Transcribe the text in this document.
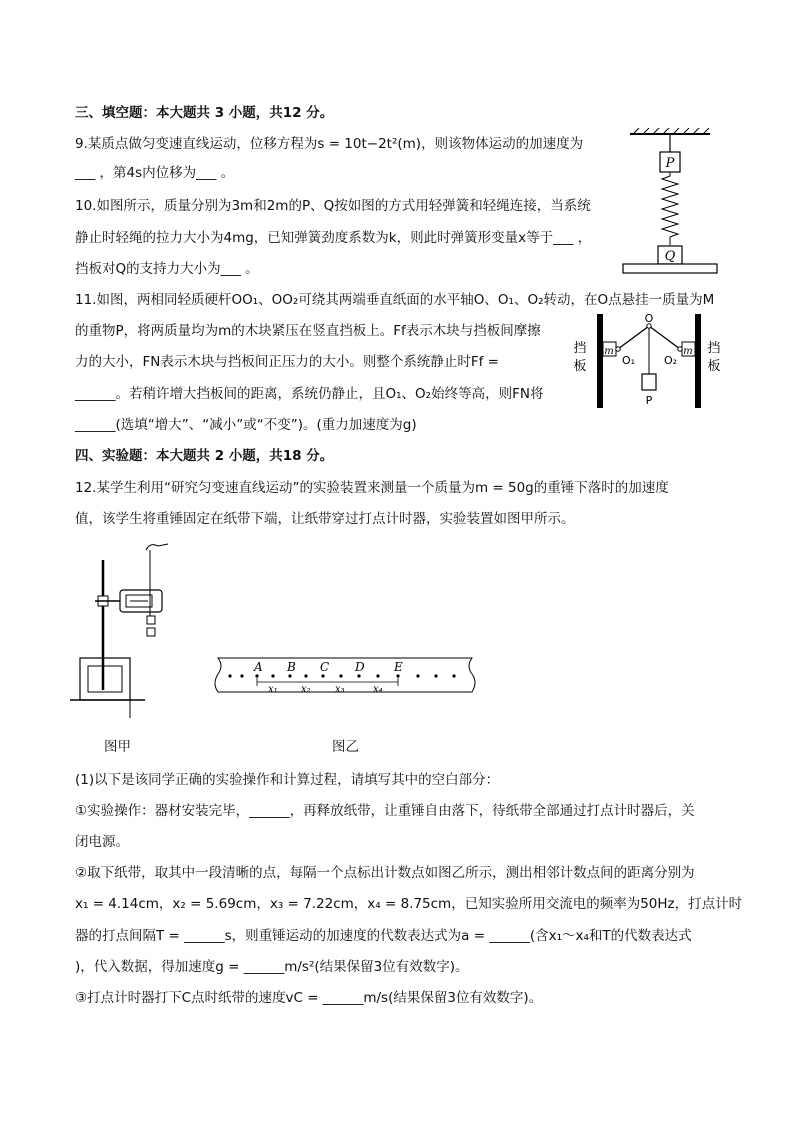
三、填空题：本大题共 3 小题，共12 分。
9.某质点做匀变速直线运动，位移方程为s = 10t−2t²(m)，则该物体运动的加速度为
___ ，第4s内位移为___ 。
10.如图所示，质量分别为3m和2m的P、Q按如图的方式用轻弹簧和轻绳连接，当系统
静止时轻绳的拉力大小为4mg，已知弹簧劲度系数为k，则此时弹簧形变量x等于___ ，
挡板对Q的支持力大小为___ 。
P
Q
11.如图，两相同轻质硬杆OO₁、OO₂可绕其两端垂直纸面的水平轴O、O₁、O₂转动，在O点悬挂一质量为M
的重物P，将两质量均为m的木块紧压在竖直挡板上。Ff表示木块与挡板间摩擦
力的大小，FN表示木块与挡板间正压力的大小。则整个系统静止时Ff =
______。若稍许增大挡板间的距离，系统仍静止，且O₁、O₂始终等高，则FN将
______(选填“增大”、“减小”或“不变”)。(重力加速度为g)
挡
板
挡
板
m	m
O
O₁	O₂
P
四、实验题：本大题共 2 小题，共18 分。
12.某学生利用“研究匀变速直线运动”的实验装置来测量一个质量为m = 50g的重锤下落时的加速度
值，该学生将重锤固定在纸带下端，让纸带穿过打点计时器，实验装置如图甲所示。
图甲
A B C D E
x₁ x₂ x₃	x₄
图乙
(1)以下是该同学正确的实验操作和计算过程，请填写其中的空白部分：
①实验操作：器材安装完毕，______，再释放纸带，让重锤自由落下，待纸带全部通过打点计时器后，关
闭电源。
②取下纸带，取其中一段清晰的点，每隔一个点标出计数点如图乙所示，测出相邻计数点间的距离分别为
x₁ = 4.14cm，x₂ = 5.69cm，x₃ = 7.22cm，x₄ = 8.75cm，已知实验所用交流电的频率为50Hz，打点计时
器的打点间隔T = ______s，则重锤运动的加速度的代数表达式为a = ______(含x₁～x₄和T的代数表达式
)，代入数据，得加速度g = ______m/s²(结果保留3位有效数字)。
③打点计时器打下C点时纸带的速度vC = ______m/s(结果保留3位有效数字)。
